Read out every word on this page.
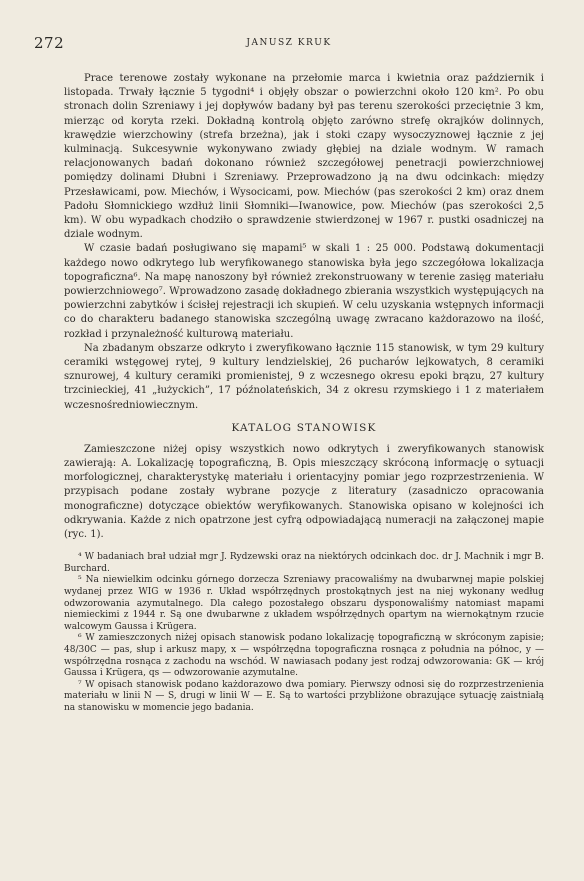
272	JANUSZ KRUK

Prace terenowe zostały wykonane na przełomie marca i kwietnia oraz październik i listopada. Trwały łącznie 5 tygodni⁴ i objęły obszar o powierzchni około 120 km². Po obu stronach dolin Szreniawy i jej dopływów badany był pas terenu szerokości przeciętnie 3 km, mierząc od koryta rzeki. Dokładną kontrolą objęto zarówno strefę okrajków dolinnych, krawędzie wierzchowiny (strefa brzeżna), jak i stoki czapy wysoczyznowej łącznie z jej kulminacją. Sukcesywnie wykonywano zwiady głębiej na dziale wodnym. W ramach relacjonowanych badań dokonano również szczegółowej penetracji powierzchniowej pomiędzy dolinami Dłubni i Szreniawy. Przeprowadzono ją na dwu odcinkach: między Przesławicami, pow. Miechów, i Wysocicami, pow. Miechów (pas szerokości 2 km) oraz dnem Padołu Słomnickiego wzdłuż linii Słomniki—Iwanowice, pow. Miechów (pas szerokości 2,5 km). W obu wypadkach chodziło o sprawdzenie stwierdzonej w 1967 r. pustki osadniczej na dziale wodnym.

W czasie badań posługiwano się mapami⁵ w skali 1 : 25 000. Podstawą dokumentacji każdego nowo odkrytego lub weryfikowanego stanowiska była jego szczegółowa lokalizacja topograficzna⁶. Na mapę nanoszony był również zrekonstruowany w terenie zasięg materiału powierzchniowego⁷. Wprowadzono zasadę dokładnego zbierania wszystkich występujących na powierzchni zabytków i ścisłej rejestracji ich skupień. W celu uzyskania wstępnych informacji co do charakteru badanego stanowiska szczególną uwagę zwracano każdorazowo na ilość, rozkład i przynależność kulturową materiału.

Na zbadanym obszarze odkryto i zweryfikowano łącznie 115 stanowisk, w tym 29 kultury ceramiki wstęgowej rytej, 9 kultury lendzielskiej, 26 pucharów lejkowatych, 8 ceramiki sznurowej, 4 kultury ceramiki promienistej, 9 z wczesnego okresu epoki brązu, 27 kultury trzcinieckiej, 41 „łużyckich”, 17 późnolateńskich, 34 z okresu rzymskiego i 1 z materiałem wczesnośredniowiecznym.

KATALOG STANOWISK

Zamieszczone niżej opisy wszystkich nowo odkrytych i zweryfikowanych stanowisk zawierają: A. Lokalizację topograficzną, B. Opis mieszczący skróconą informację o sytuacji morfologicznej, charakterystykę materiału i orientacyjny pomiar jego rozprzestrzenienia. W przypisach podane zostały wybrane pozycje z literatury (zasadniczo opracowania monograficzne) dotyczące obiektów weryfikowanych. Stanowiska opisano w kolejności ich odkrywania. Każde z nich opatrzone jest cyfrą odpowiadającą numeracji na załączonej mapie (ryc. 1).

⁴ W badaniach brał udział mgr J. Rydzewski oraz na niektórych odcinkach doc. dr J. Machnik i mgr B. Burchard.

⁵ Na niewielkim odcinku górnego dorzecza Szreniawy pracowaliśmy na dwubarwnej mapie polskiej wydanej przez WIG w 1936 r. Układ współrzędnych prostokątnych jest na niej wykonany według odwzorowania azymutalnego. Dla całego pozostałego obszaru dysponowaliśmy natomiast mapami niemieckimi z 1944 r. Są one dwubarwne z układem współrzędnych opartym na wiernokątnym rzucie walcowym Gaussa i Krügera.

⁶ W zamieszczonych niżej opisach stanowisk podano lokalizację topograficzną w skróconym zapisie; 48/30C — pas, słup i arkusz mapy, x — współrzędna topograficzna rosnąca z południa na północ, y — współrzędna rosnąca z zachodu na wschód. W nawiasach podany jest rodzaj odwzorowania: GK — krój Gaussa i Krügera, qs — odwzorowanie azymutalne.

⁷ W opisach stanowisk podano każdorazowo dwa pomiary. Pierwszy odnosi się do rozprzestrzenienia materiału w linii N — S, drugi w linii W — E. Są to wartości przybliżone obrazujące sytuację zaistniałą na stanowisku w momencie jego badania.
